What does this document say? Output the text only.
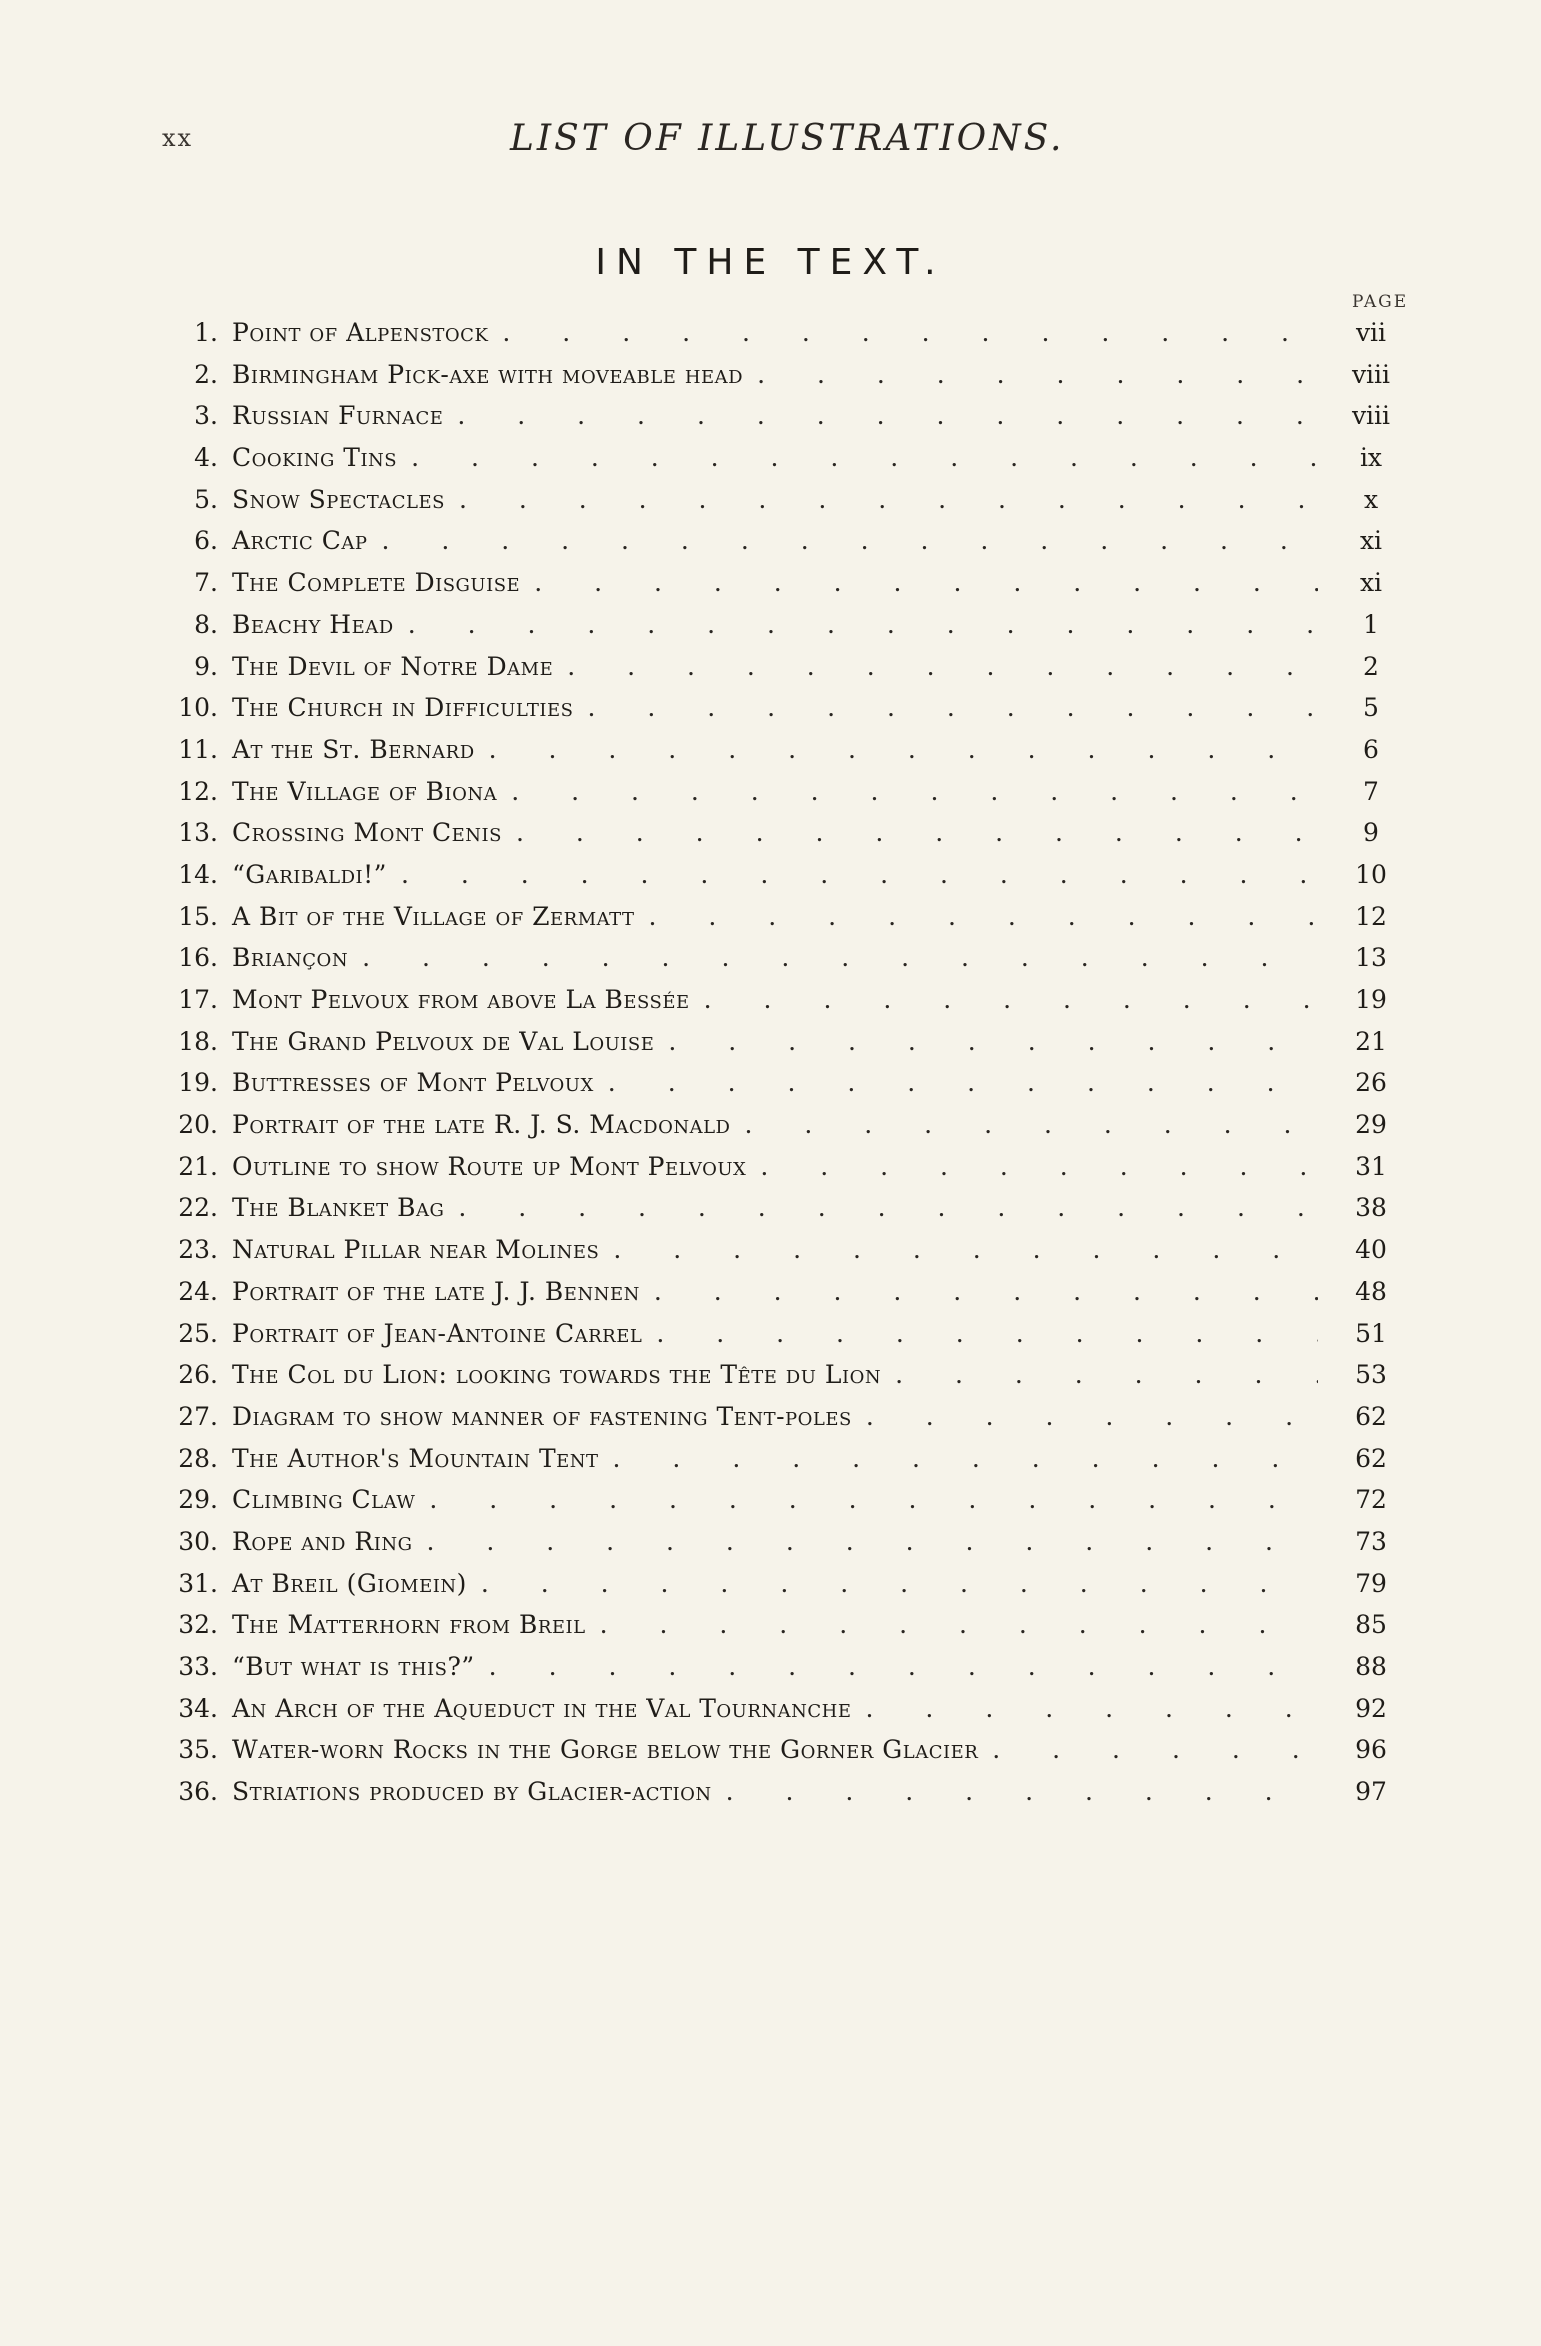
xx	LIST OF ILLUSTRATIONS.
IN THE TEXT.
PAGE
1. Point of Alpenstock . . .	vii
2. Birmingham Pick-axe with moveable head . . .	viii
3. Russian Furnace . . .	viii
4. Cooking Tins . . .	ix
5. Snow Spectacles . . .	x
6. Arctic Cap . . .	xi
7. The Complete Disguise . . .	xi
8. Beachy Head . . .	1
9. The Devil of Notre Dame . . .	2
10. The Church in Difficulties . . .	5
11. At the St. Bernard . . .	6
12. The Village of Biona . . .	7
13. Crossing Mont Cenis . . .	9
14. “Garibaldi!” . . .	10
15. A Bit of the Village of Zermatt . . .	12
16. Briançon . . .	13
17. Mont Pelvoux from above La Bessée . . .	19
18. The Grand Pelvoux de Val Louise . . .	21
19. Buttresses of Mont Pelvoux . . .	26
20. Portrait of the late R. J. S. Macdonald . . .	29
21. Outline to show Route up Mont Pelvoux . . .	31
22. The Blanket Bag . . .	38
23. Natural Pillar near Molines . . .	40
24. Portrait of the late J. J. Bennen . . .	48
25. Portrait of Jean-Antoine Carrel . . .	51
26. The Col du Lion: looking towards the Tête du Lion . . .	53
27. Diagram to show manner of fastening Tent-poles . . .	62
28. The Author's Mountain Tent . . .	62
29. Climbing Claw . . .	72
30. Rope and Ring . . .	73
31. At Breil (Giomein) . . .	79
32. The Matterhorn from Breil . . .	85
33. “But what is this?” . . .	88
34. An Arch of the Aqueduct in the Val Tournanche . . .	92
35. Water-worn Rocks in the Gorge below the Gorner Glacier . . .	96
36. Striations produced by Glacier-action . . .	97
